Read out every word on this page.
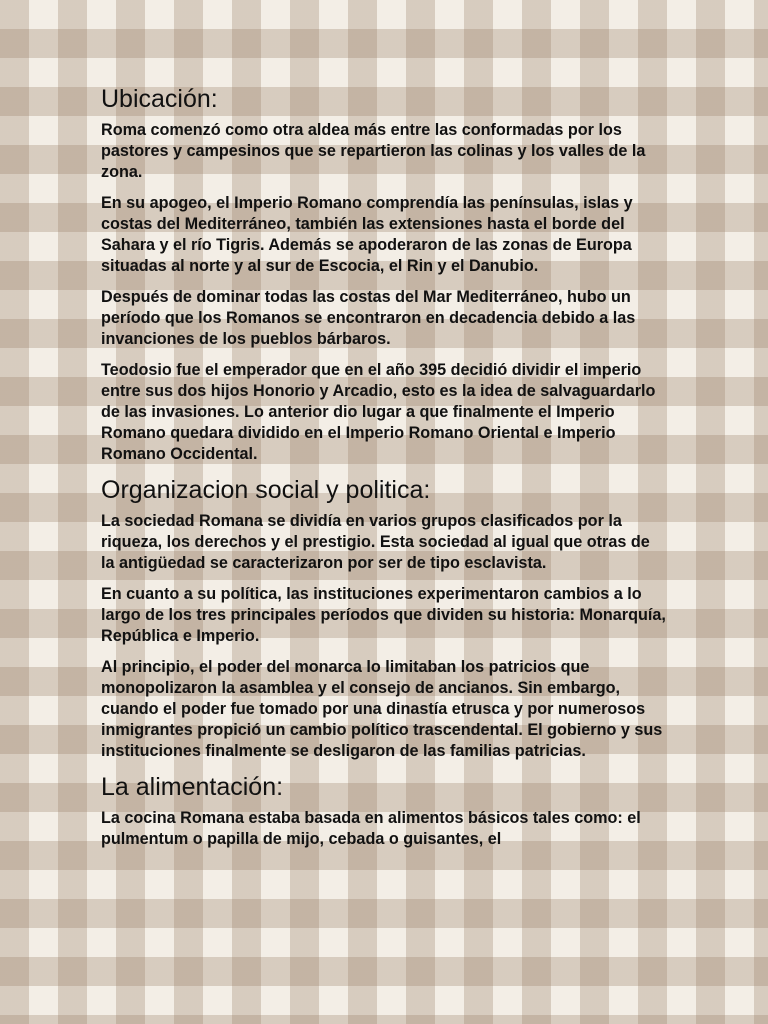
Ubicación:

Roma comenzó como otra aldea más entre las conformadas por los pastores y campesinos que se repartieron las colinas y los valles de la zona.

En su apogeo, el Imperio Romano comprendía las penínsulas, islas y costas del Mediterráneo, también las extensiones hasta el borde del Sahara y el río Tigris. Además se apoderaron de las zonas de Europa situadas al norte y al sur de Escocia, el Rin y el Danubio.

Después de dominar todas las costas del Mar Mediterráneo, hubo un período que los Romanos se encontraron en decadencia debido a las invanciones de los pueblos bárbaros.

Teodosio fue el emperador que en el año 395 decidió dividir el imperio entre sus dos hijos Honorio y Arcadio, esto es la idea de salvaguardarlo de las invasiones. Lo anterior dio lugar a que finalmente el Imperio Romano quedara dividido en el Imperio Romano Oriental e Imperio Romano Occidental.

Organizacion social y politica:

La sociedad Romana se dividía en varios grupos clasificados por la riqueza, los derechos y el prestigio. Esta sociedad al igual que otras de la antigüedad se caracterizaron por ser de tipo esclavista.

En cuanto a su política, las instituciones experimentaron cambios a lo largo de los tres principales períodos que dividen su historia: Monarquía, República e Imperio.

Al principio, el poder del monarca lo limitaban los patricios que monopolizaron la asamblea y el consejo de ancianos. Sin embargo, cuando el poder fue tomado por una dinastía etrusca y por numerosos inmigrantes propició un cambio político trascendental. El gobierno y sus instituciones finalmente se desligaron de las familias patricias.

La alimentación:

La cocina Romana estaba basada en alimentos básicos tales como: el pulmentum o papilla de mijo, cebada o guisantes, el
